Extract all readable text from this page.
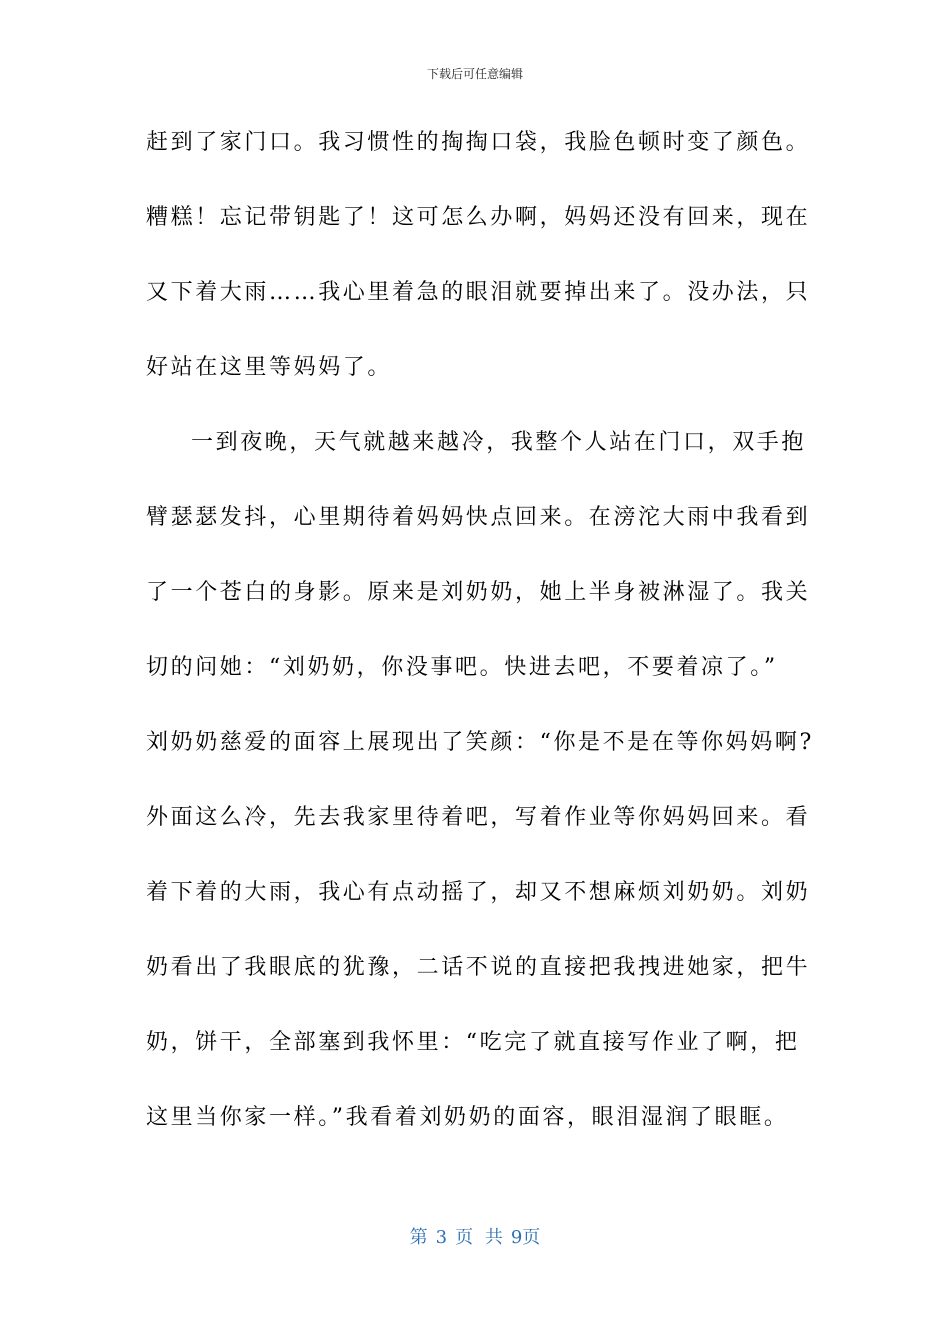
下载后可任意编辑
赶到了家门口。我习惯性的掏掏口袋，我脸色顿时变了颜色。
糟糕！忘记带钥匙了！这可怎么办啊，妈妈还没有回来，现在
又下着大雨……我心里着急的眼泪就要掉出来了。没办法，只
好站在这里等妈妈了。
一到夜晚，天气就越来越冷，我整个人站在门口，双手抱
臂瑟瑟发抖，心里期待着妈妈快点回来。在滂沱大雨中我看到
了一个苍白的身影。原来是刘奶奶，她上半身被淋湿了。我关
切的问她：“刘奶奶，你没事吧。快进去吧，不要着凉了。”
刘奶奶慈爱的面容上展现出了笑颜：“你是不是在等你妈妈啊?
外面这么冷，先去我家里待着吧，写着作业等你妈妈回来。看
着下着的大雨，我心有点动摇了，却又不想麻烦刘奶奶。刘奶
奶看出了我眼底的犹豫，二话不说的直接把我拽进她家，把牛
奶，饼干，全部塞到我怀里：“吃完了就直接写作业了啊，把
这里当你家一样。”我看着刘奶奶的面容，眼泪湿润了眼眶。
第 3 页 共 9页
